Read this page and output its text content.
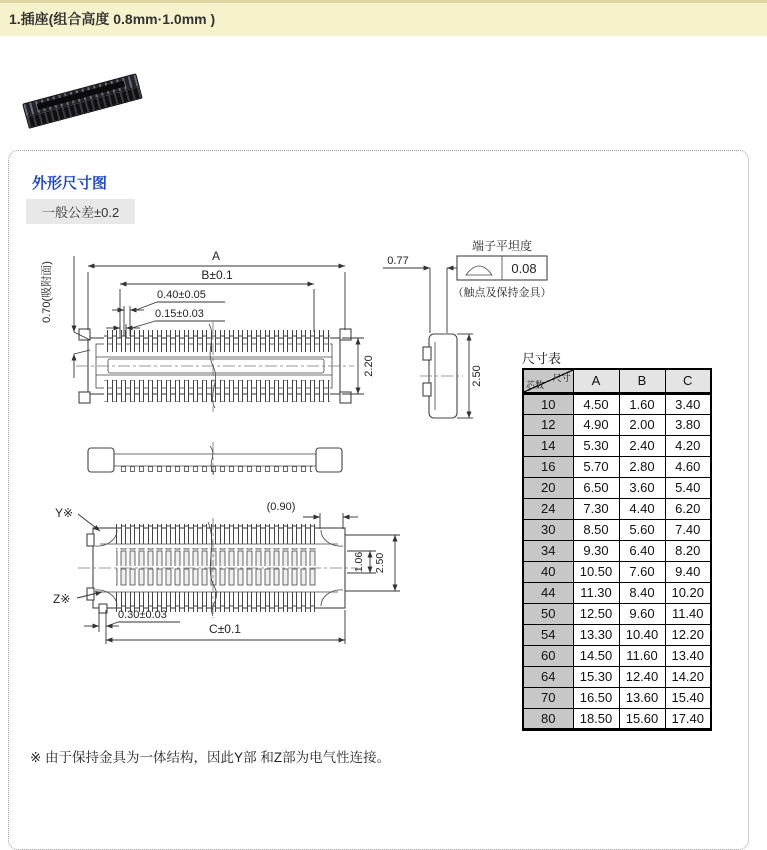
1.插座(组合高度 0.8mm·1.0mm )
外形尺寸图
一般公差±0.2
A
B±0.1
0.40±0.05
0.15±0.03
0.70(吸附面)
2.20	2.50
0.77
端子平坦度
0.08
（触点及保持金具）
Y※
Z※
(0.90)
1.06 2.50
0.30±0.03
C±0.1
尺寸表
尺寸
芯数	A	B	C
10	4.50	1.60	3.40
12	4.90	2.00	3.80
14	5.30	2.40	4.20
16	5.70	2.80	4.60
20	6.50	3.60	5.40
24	7.30	4.40	6.20
30	8.50	5.60	7.40
34	9.30	6.40	8.20
40	10.50	7.60	9.40
44	11.30	8.40	10.20
50	12.50	9.60	11.40
54	13.30	10.40	12.20
60	14.50	11.60	13.40
64	15.30	12.40	14.20
70	16.50	13.60	15.40
80	18.50	15.60	17.40
※ 由于保持金具为一体结构，因此Y部 和Z部为电气性连接。
